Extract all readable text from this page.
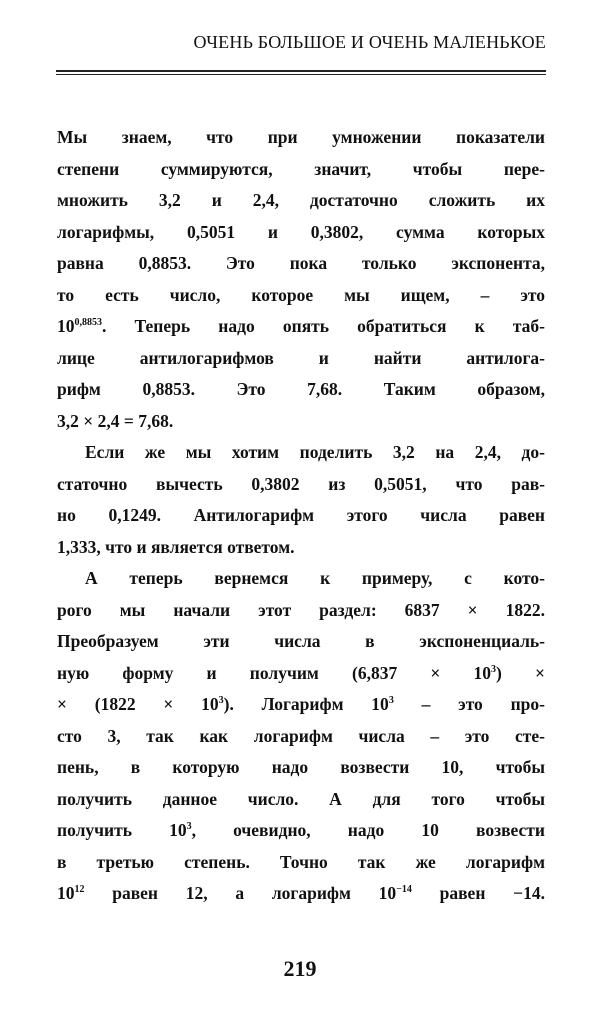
ОЧЕНЬ БОЛЬШОЕ И ОЧЕНЬ МАЛЕНЬКОЕ
Мы знаем, что при умножении показатели
степени суммируются, значит, чтобы пере-
множить 3,2 и 2,4, достаточно сложить их
логарифмы, 0,5051 и 0,3802, сумма которых
равна 0,8853. Это пока только экспонента,
то есть число, которое мы ищем, – это
$10^{0,8853}$. Теперь надо опять обратиться к таб-
лице антилогарифмов и найти антилога-
рифм 0,8853. Это 7,68. Таким образом,
3,2 × 2,4 = 7,68.
Если же мы хотим поделить 3,2 на 2,4, до-
статочно вычесть 0,3802 из 0,5051, что рав-
но 0,1249. Антилогарифм этого числа равен
1,333, что и является ответом.
А теперь вернемся к примеру, с кото-
рого мы начали этот раздел: 6837 × 1822.
Преобразуем эти числа в экспоненциаль-
ную форму и получим $(6,837 \times 10^3)$ ×
× $(1822 \times 10^3)$. Логарифм $10^3$ – это про-
сто 3, так как логарифм числа – это сте-
пень, в которую надо возвести 10, чтобы
получить данное число. А для того чтобы
получить $10^3$, очевидно, надо 10 возвести
в третью степень. Точно так же логарифм
$10^{12}$ равен 12, а логарифм $10^{-14}$ равен −14.
219
